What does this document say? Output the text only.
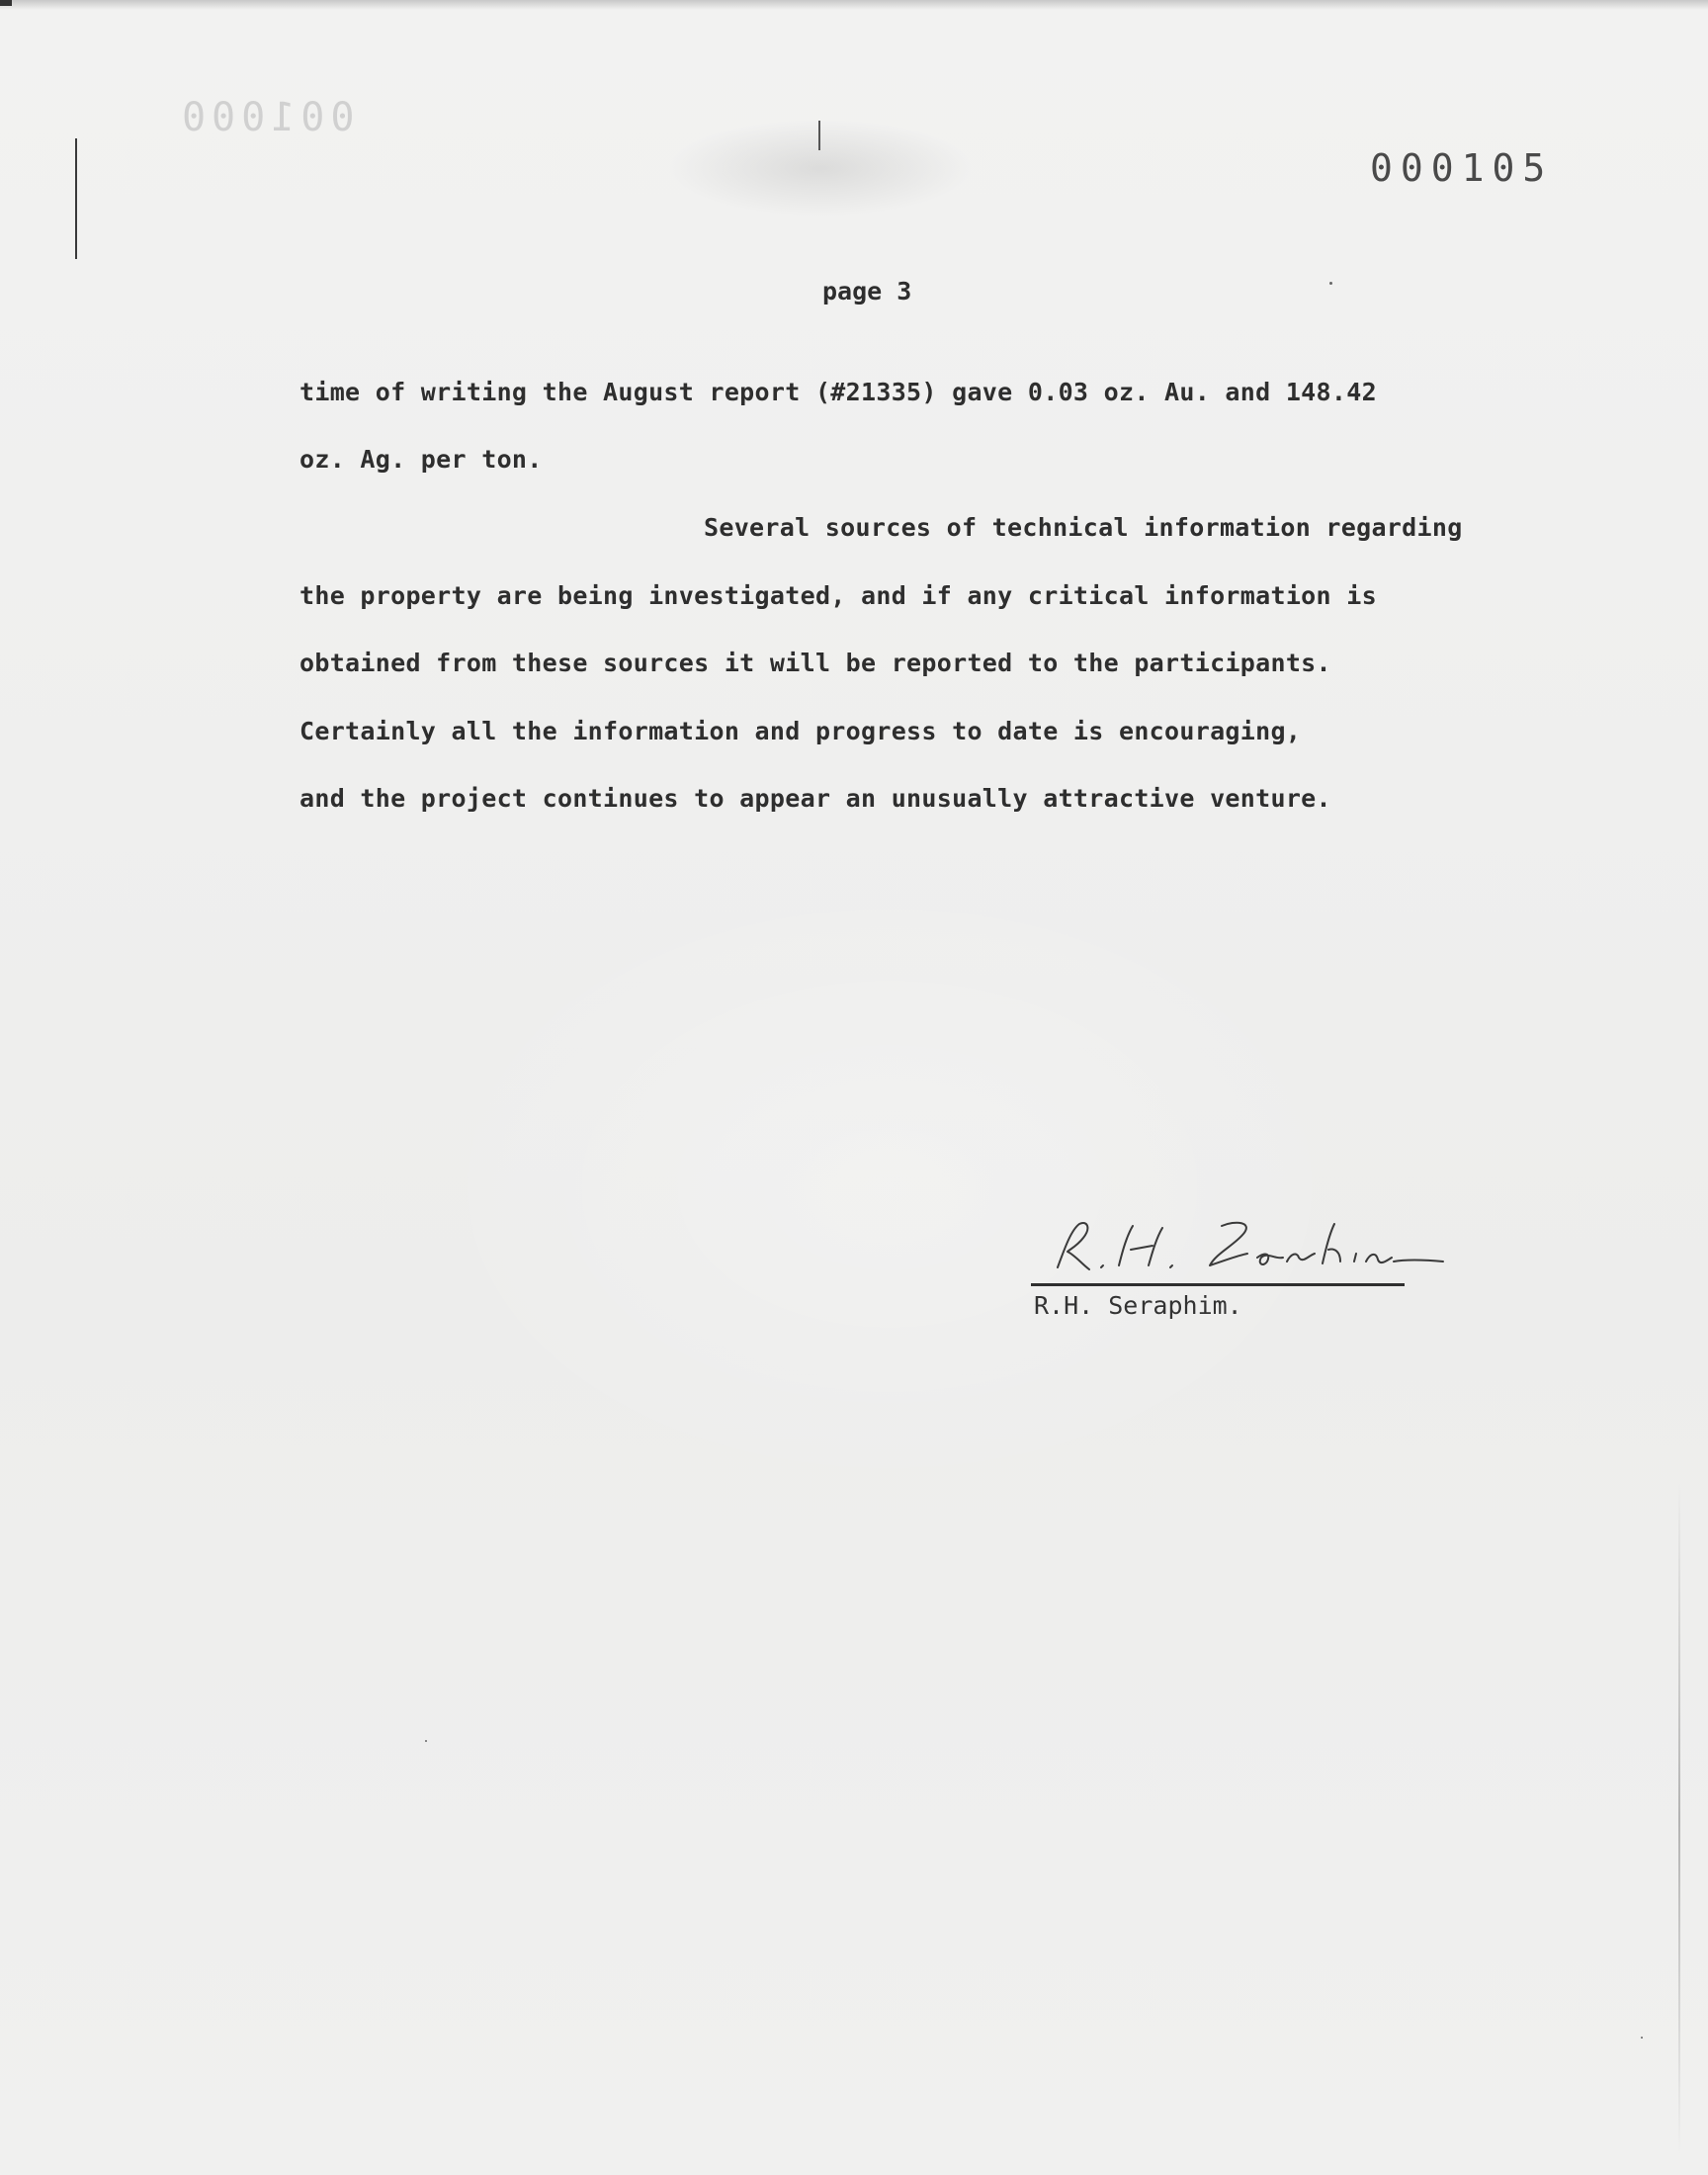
001000
000105
page 3
time of writing the August report (#21335) gave 0.03 oz. Au. and 148.42
oz. Ag. per ton.
Several sources of technical information regarding
the property are being investigated, and if any critical information is
obtained from these sources it will be reported to the participants.
Certainly all the information and progress to date is encouraging,
and the project continues to appear an unusually attractive venture.
R.H. Seraphim.
